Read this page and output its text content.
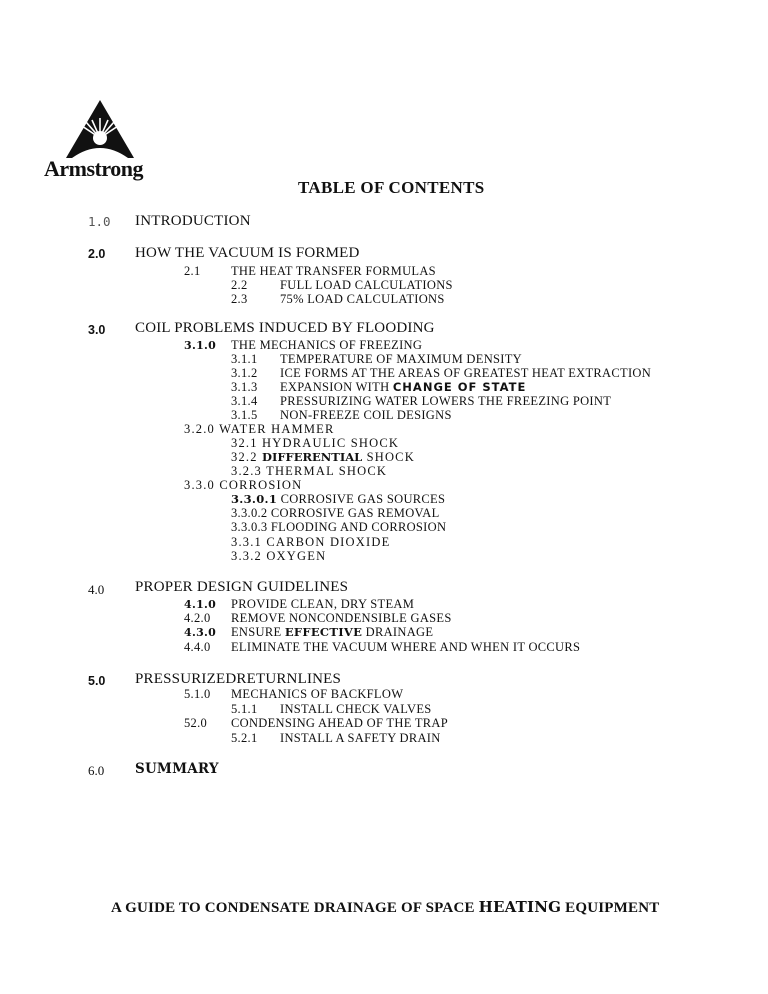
Armstrong
TABLE OF CONTENTS
1.0 INTRODUCTION
2.0 HOW THE VACUUM IS FORMED
2.1 THE HEAT TRANSFER FORMULAS
2.2	FULL LOAD CALCULATIONS
2.3	75% LOAD CALCULATIONS
3.0 COIL PROBLEMS INDUCED BY FLOODING
3.1.0 THE MECHANICS OF FREEZING
3.1.1 TEMPERATURE OF MAXIMUM DENSITY
3.1.2 ICE FORMS AT THE AREAS OF GREATEST HEAT EXTRACTION
3.1.3 EXPANSION WITH CHANGE OF STATE
3.1.4 PRESSURIZING WATER LOWERS THE FREEZING POINT
3.1.5 NON-FREEZE COIL DESIGNS
3.2.0 WATER HAMMER
32.1 HYDRAULIC SHOCK
32.2 DIFFERENTIAL SHOCK
3.2.3 THERMAL SHOCK
3.3.0 CORROSION
3.3.0.1 CORROSIVE GAS SOURCES
3.3.0.2 CORROSIVE GAS REMOVAL
3.3.0.3 FLOODING AND CORROSION
3.3.1 CARBON DIOXIDE
3.3.2 OXYGEN
4.0 PROPER DESIGN GUIDELINES
4.1.0 PROVIDE CLEAN, DRY STEAM
4.2.0 REMOVE NONCONDENSIBLE GASES
4.3.0 ENSURE EFFECTIVE DRAINAGE
4.4.0 ELIMINATE THE VACUUM WHERE AND WHEN IT OCCURS
5.0 PRESSURIZEDRETURNLINES
5.1.0 MECHANICS OF BACKFLOW
5.1.1 INSTALL CHECK VALVES
52.0 CONDENSING AHEAD OF THE TRAP
5.2.1 INSTALL A SAFETY DRAIN
6.0 SUMMARY
A GUIDE TO CONDENSATE DRAINAGE OF SPACE HEATING EQUIPMENT
